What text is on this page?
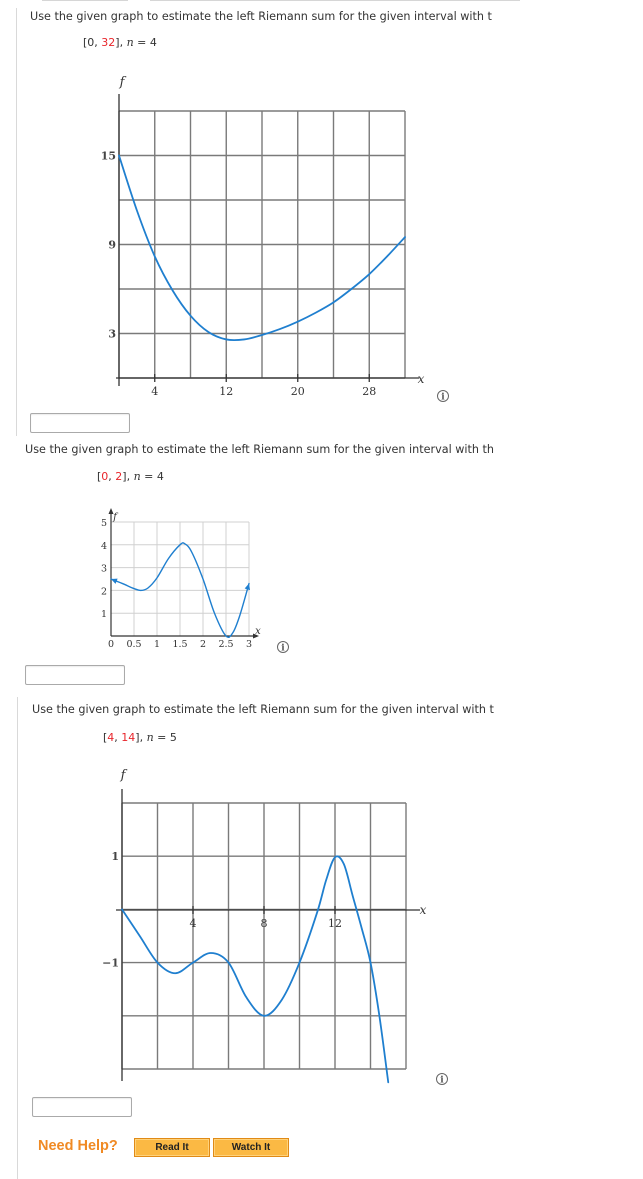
Use the given graph to estimate the left Riemann sum for the given interval with t
[0, 32], n = 4
4	12	20	28
3
9
15
f
x
i
Use the given graph to estimate the left Riemann sum for the given interval with th
[0, 2], n = 4
0 0.5 1 1.5 2 2.5 3
1
2
3
4
5
f
x
i
Use the given graph to estimate the left Riemann sum for the given interval with t
[4, 14], n = 5
4	8	12
1
−1
f
x
i
Need Help?	Read It	Watch It
